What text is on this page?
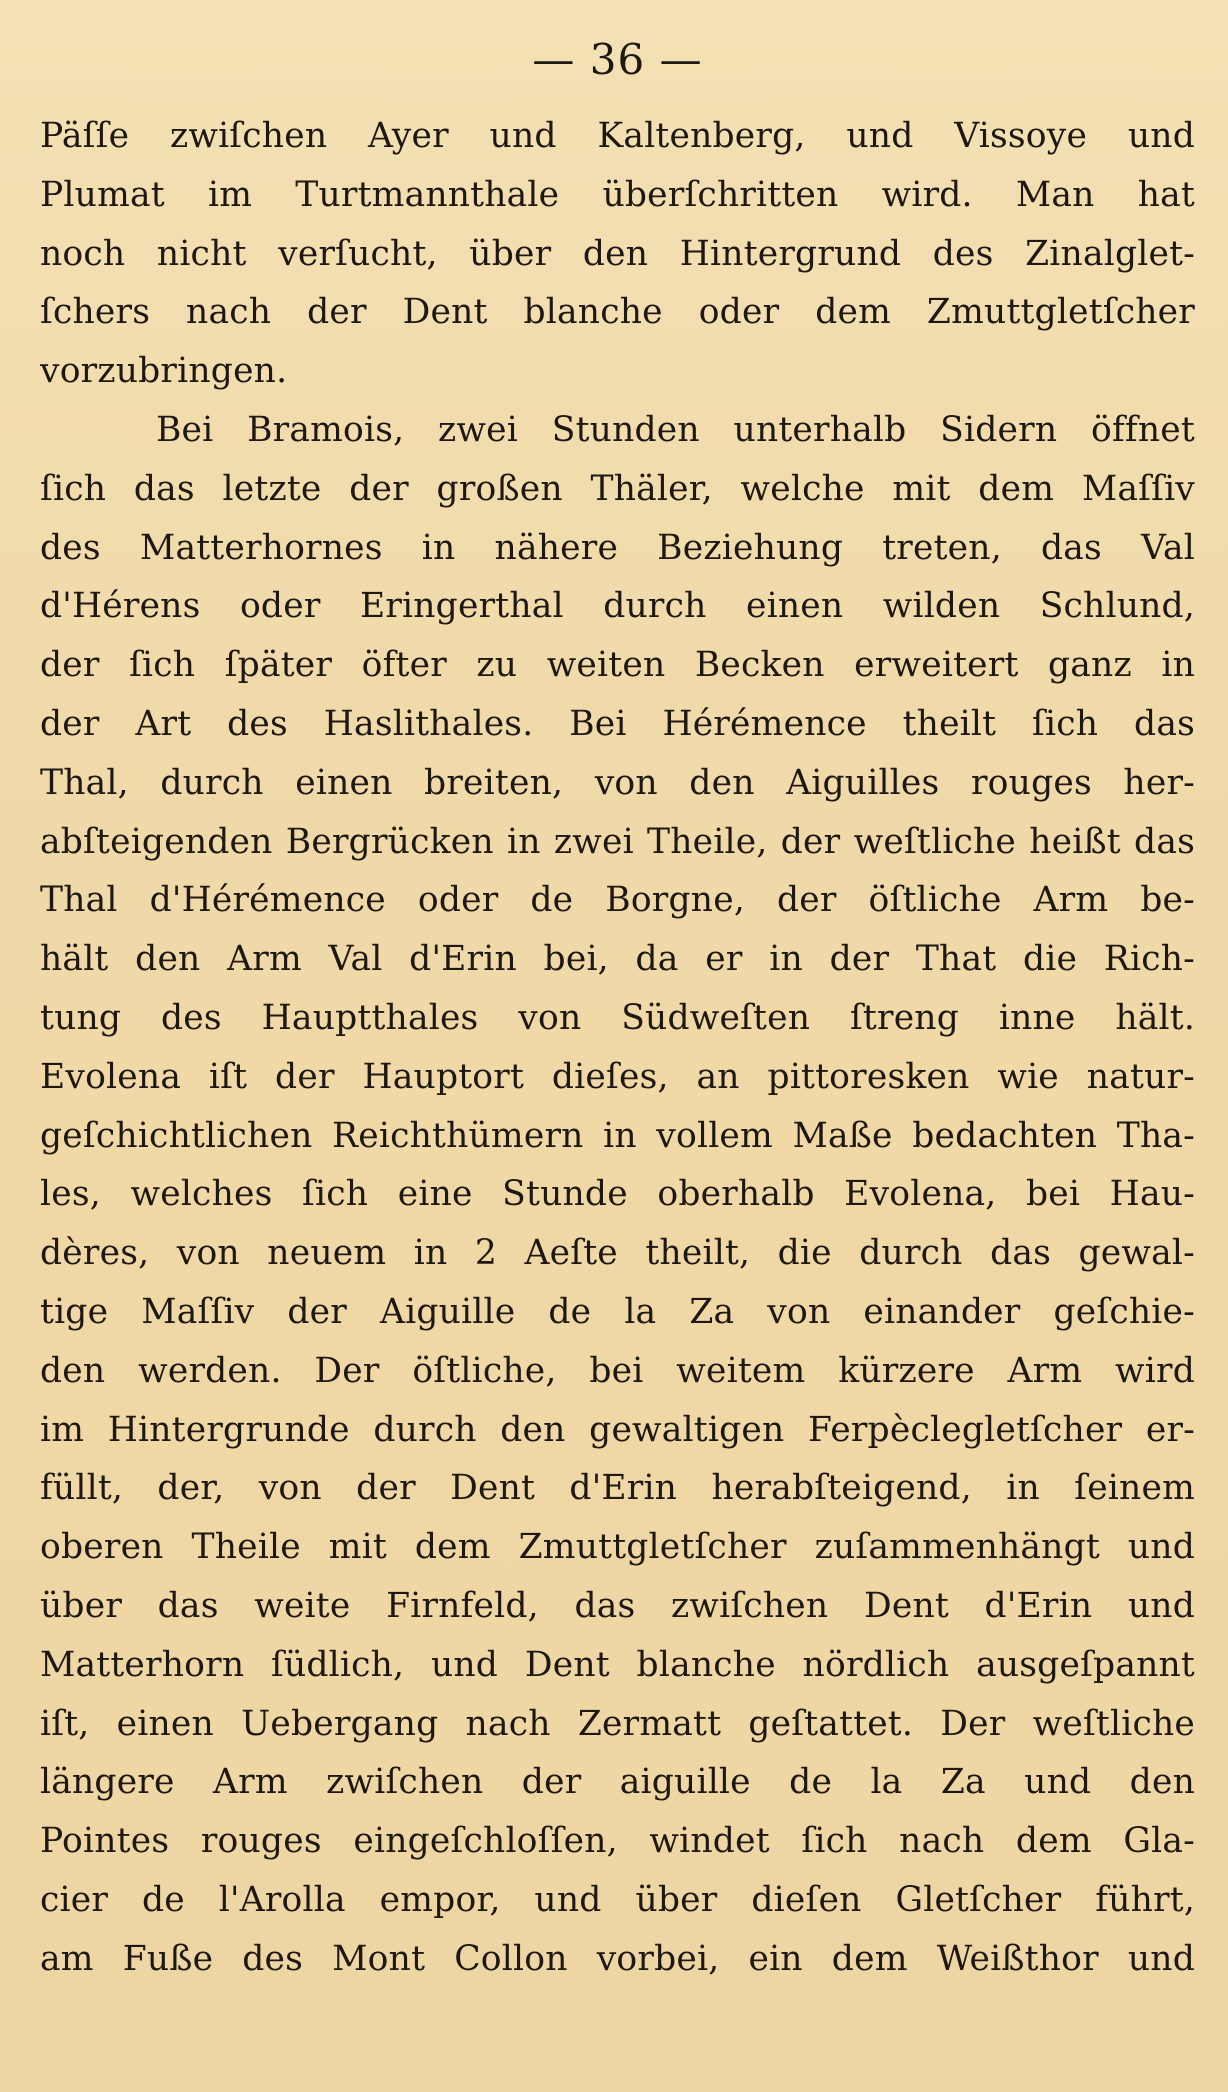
— 36 —
Päſſe zwiſchen Ayer und Kaltenberg, und Vissoye und
Plumat im Turtmannthale überſchritten wird. Man hat
noch nicht verſucht, über den Hintergrund des Zinalglet-
ſchers nach der Dent blanche oder dem Zmuttgletſcher
vorzubringen.
Bei Bramois, zwei Stunden unterhalb Sidern öffnet
ſich das letzte der großen Thäler, welche mit dem Maſſiv
des Matterhornes in nähere Beziehung treten, das Val
d'Hérens oder Eringerthal durch einen wilden Schlund,
der ſich ſpäter öfter zu weiten Becken erweitert ganz in
der Art des Haslithales. Bei Hérémence theilt ſich das
Thal, durch einen breiten, von den Aiguilles rouges her-
abſteigenden Bergrücken in zwei Theile, der weſtliche heißt das
Thal d'Hérémence oder de Borgne, der öſtliche Arm be-
hält den Arm Val d'Erin bei, da er in der That die Rich-
tung des Hauptthales von Südweſten ſtreng inne hält.
Evolena iſt der Hauptort dieſes, an pittoresken wie natur-
geſchichtlichen Reichthümern in vollem Maße bedachten Tha-
les, welches ſich eine Stunde oberhalb Evolena, bei Hau-
dères, von neuem in 2 Aeſte theilt, die durch das gewal-
tige Maſſiv der Aiguille de la Za von einander geſchie-
den werden. Der öſtliche, bei weitem kürzere Arm wird
im Hintergrunde durch den gewaltigen Ferpèclegletſcher er-
füllt, der, von der Dent d'Erin herabſteigend, in ſeinem
oberen Theile mit dem Zmuttgletſcher zuſammenhängt und
über das weite Firnfeld, das zwiſchen Dent d'Erin und
Matterhorn ſüdlich, und Dent blanche nördlich ausgeſpannt
iſt, einen Uebergang nach Zermatt geſtattet. Der weſtliche
längere Arm zwiſchen der aiguille de la Za und den
Pointes rouges eingeſchloſſen, windet ſich nach dem Gla-
cier de l'Arolla empor, und über dieſen Gletſcher führt,
am Fuße des Mont Collon vorbei, ein dem Weißthor und
